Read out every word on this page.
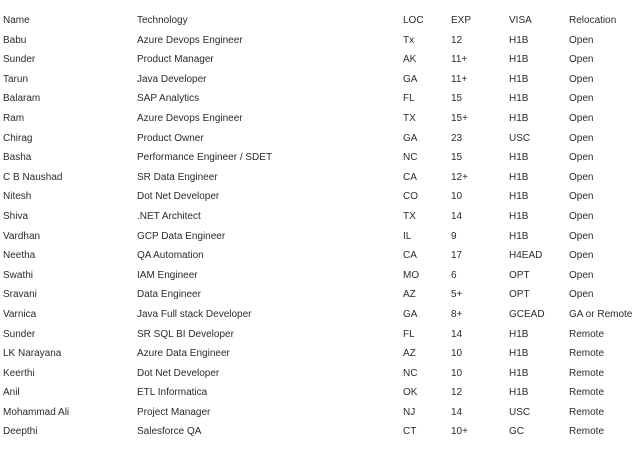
Name	Technology	LOC	EXP	VISA	Relocation
Babu	Azure Devops Engineer	Tx	12	H1B	Open
Sunder	Product Manager	AK	11+	H1B	Open
Tarun	Java Developer	GA	11+	H1B	Open
Balaram	SAP Analytics	FL	15	H1B	Open
Ram	Azure Devops Engineer	TX	15+	H1B	Open
Chirag	Product Owner	GA	23	USC	Open
Basha	Performance Engineer / SDET	NC	15	H1B	Open
C B Naushad	SR Data Engineer	CA	12+	H1B	Open
Nitesh	Dot Net Developer	CO	10	H1B	Open
Shiva	.NET Architect	TX	14	H1B	Open
Vardhan	GCP Data Engineer	IL	9	H1B	Open
Neetha	QA Automation	CA	17	H4EAD	Open
Swathi	IAM Engineer	MO	6	OPT	Open
Sravani	Data Engineer	AZ	5+	OPT	Open
Varnica	Java Full stack Developer	GA	8+	GCEAD	GA or Remote
Sunder	SR SQL BI Developer	FL	14	H1B	Remote
LK Narayana	Azure Data Engineer	AZ	10	H1B	Remote
Keerthi	Dot Net Developer	NC	10	H1B	Remote
Anil	ETL Informatica	OK	12	H1B	Remote
Mohammad Ali	Project Manager	NJ	14	USC	Remote
Deepthi	Salesforce QA	CT	10+	GC	Remote
